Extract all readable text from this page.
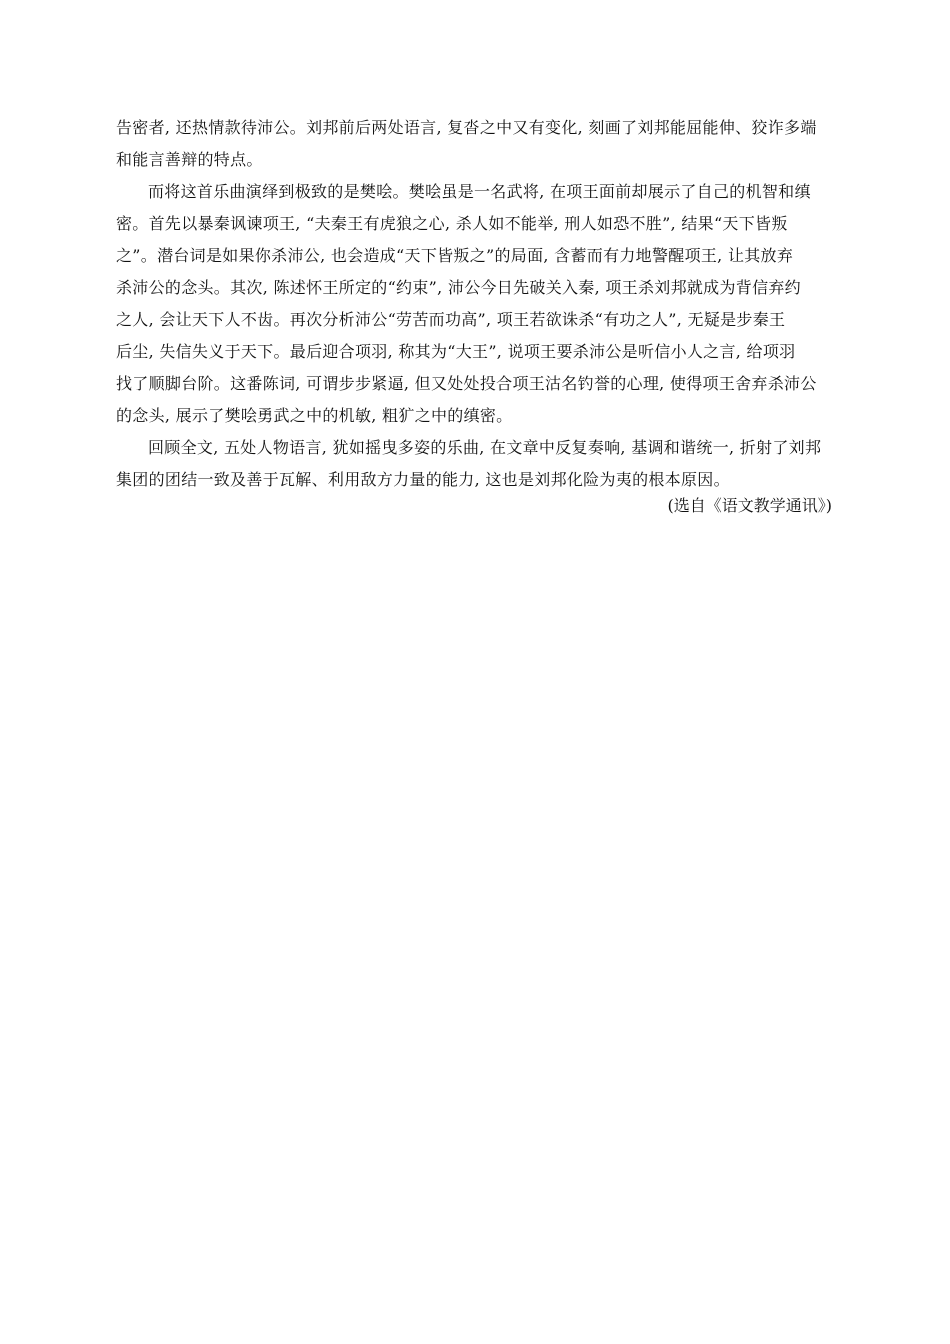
告密者, 还热情款待沛公。刘邦前后两处语言, 复沓之中又有变化, 刻画了刘邦能屈能伸、狡诈多端
和能言善辩的特点。
而将这首乐曲演绎到极致的是樊哙。樊哙虽是一名武将, 在项王面前却展示了自己的机智和缜
密。首先以暴秦讽谏项王, “夫秦王有虎狼之心, 杀人如不能举, 刑人如恐不胜”, 结果“天下皆叛
之”。潜台词是如果你杀沛公, 也会造成“天下皆叛之”的局面, 含蓄而有力地警醒项王, 让其放弃
杀沛公的念头。其次, 陈述怀王所定的“约束”, 沛公今日先破关入秦, 项王杀刘邦就成为背信弃约
之人, 会让天下人不齿。再次分析沛公“劳苦而功高”, 项王若欲诛杀“有功之人”, 无疑是步秦王
后尘, 失信失义于天下。最后迎合项羽, 称其为“大王”, 说项王要杀沛公是听信小人之言, 给项羽
找了顺脚台阶。这番陈词, 可谓步步紧逼, 但又处处投合项王沽名钓誉的心理, 使得项王舍弃杀沛公
的念头, 展示了樊哙勇武之中的机敏, 粗犷之中的缜密。
回顾全文, 五处人物语言, 犹如摇曳多姿的乐曲, 在文章中反复奏响, 基调和谐统一, 折射了刘邦
集团的团结一致及善于瓦解、利用敌方力量的能力, 这也是刘邦化险为夷的根本原因。
(选自《语文教学通讯》)
